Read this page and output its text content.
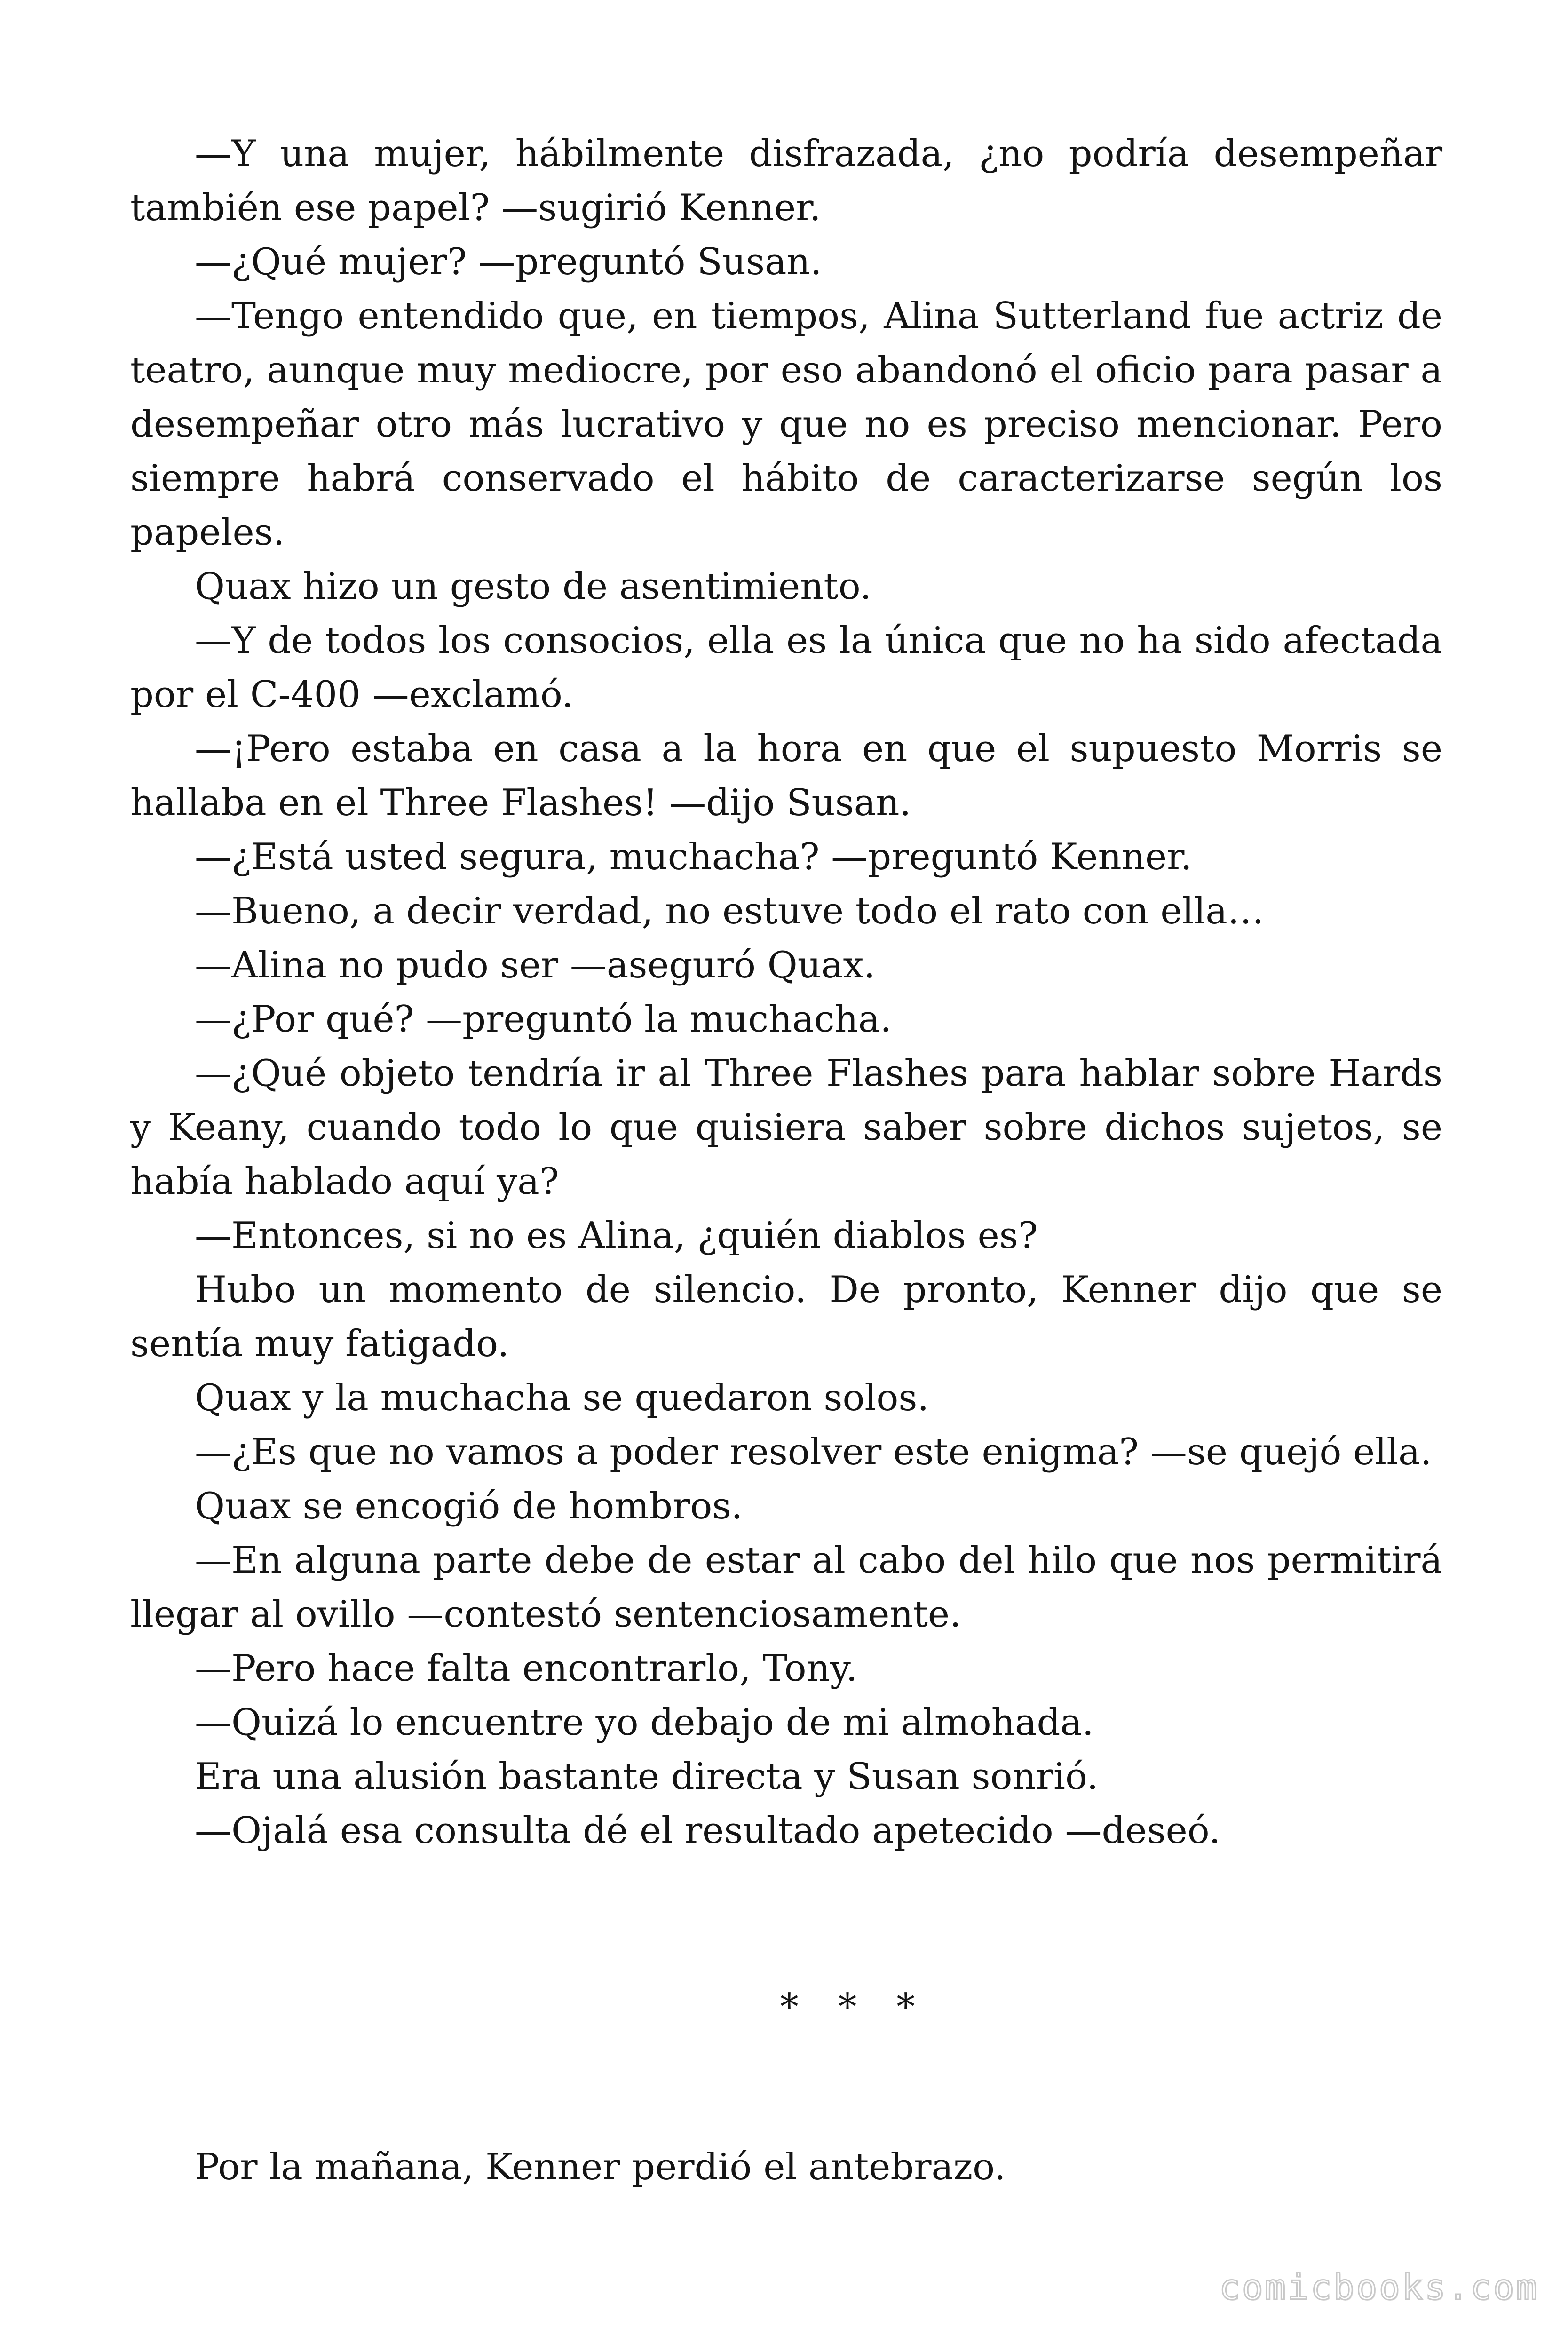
—Y una mujer, hábilmente disfrazada, ¿no podría desempeñar también ese papel? —sugirió Kenner.

—¿Qué mujer? —preguntó Susan.

—Tengo entendido que, en tiempos, Alina Sutterland fue actriz de teatro, aunque muy mediocre, por eso abandonó el oficio para pasar a desempeñar otro más lucrativo y que no es preciso mencionar. Pero siempre habrá conservado el hábito de caracterizarse según los papeles.

Quax hizo un gesto de asentimiento.

—Y de todos los consocios, ella es la única que no ha sido afectada por el C-400 —exclamó.

—¡Pero estaba en casa a la hora en que el supuesto Morris se hallaba en el Three Flashes! —dijo Susan.

—¿Está usted segura, muchacha? —preguntó Kenner.

—Bueno, a decir verdad, no estuve todo el rato con ella…

—Alina no pudo ser —aseguró Quax.

—¿Por qué? —preguntó la muchacha.

—¿Qué objeto tendría ir al Three Flashes para hablar sobre Hards y Keany, cuando todo lo que quisiera saber sobre dichos sujetos, se había hablado aquí ya?

—Entonces, si no es Alina, ¿quién diablos es?

Hubo un momento de silencio. De pronto, Kenner dijo que se sentía muy fatigado.

Quax y la muchacha se quedaron solos.

—¿Es que no vamos a poder resolver este enigma? —se quejó ella.

Quax se encogió de hombros.

—En alguna parte debe de estar al cabo del hilo que nos permitirá llegar al ovillo —contestó sentenciosamente.

—Pero hace falta encontrarlo, Tony.

—Quizá lo encuentre yo debajo de mi almohada.

Era una alusión bastante directa y Susan sonrió.

—Ojalá esa consulta dé el resultado apetecido —deseó.

* * *

Por la mañana, Kenner perdió el antebrazo.

comicbooks.com
